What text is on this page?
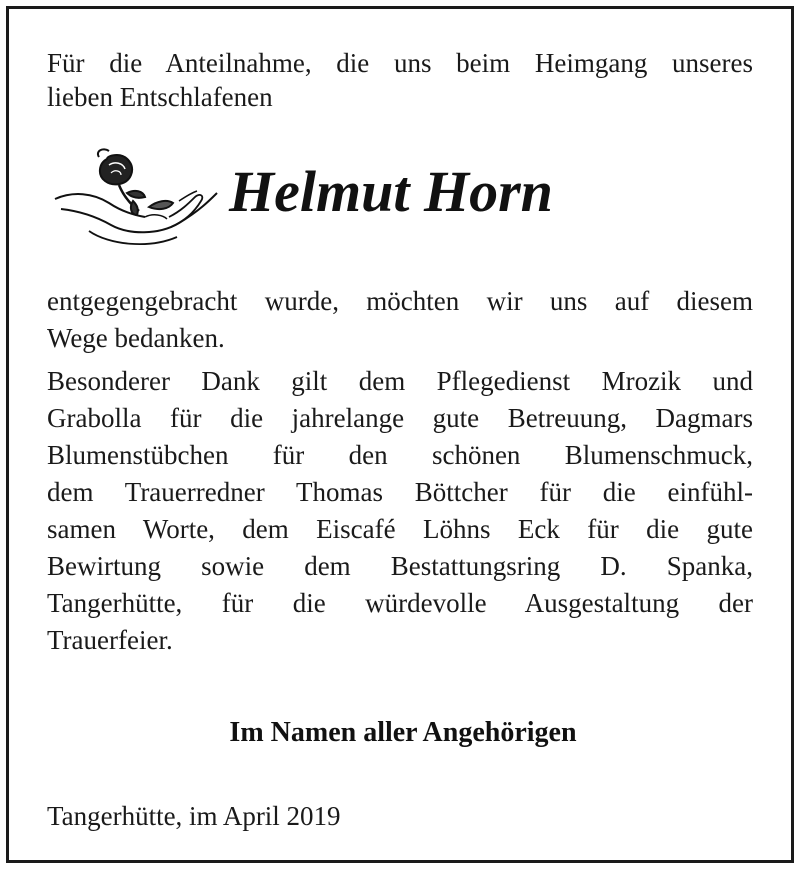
Für die Anteilnahme, die uns beim Heimgang unseres
lieben Entschlafenen

Helmut Horn

entgegengebracht wurde, möchten wir uns auf diesem
Wege bedanken.

Besonderer Dank gilt dem Pflegedienst Mrozik und
Grabolla für die jahrelange gute Betreuung, Dagmars
Blumenstübchen für den schönen Blumenschmuck,
dem Trauerredner Thomas Böttcher für die einfühl-
samen Worte, dem Eiscafé Löhns Eck für die gute
Bewirtung sowie dem Bestattungsring D. Spanka,
Tangerhütte, für die würdevolle Ausgestaltung der
Trauerfeier.

Im Namen aller Angehörigen

Tangerhütte, im April 2019
